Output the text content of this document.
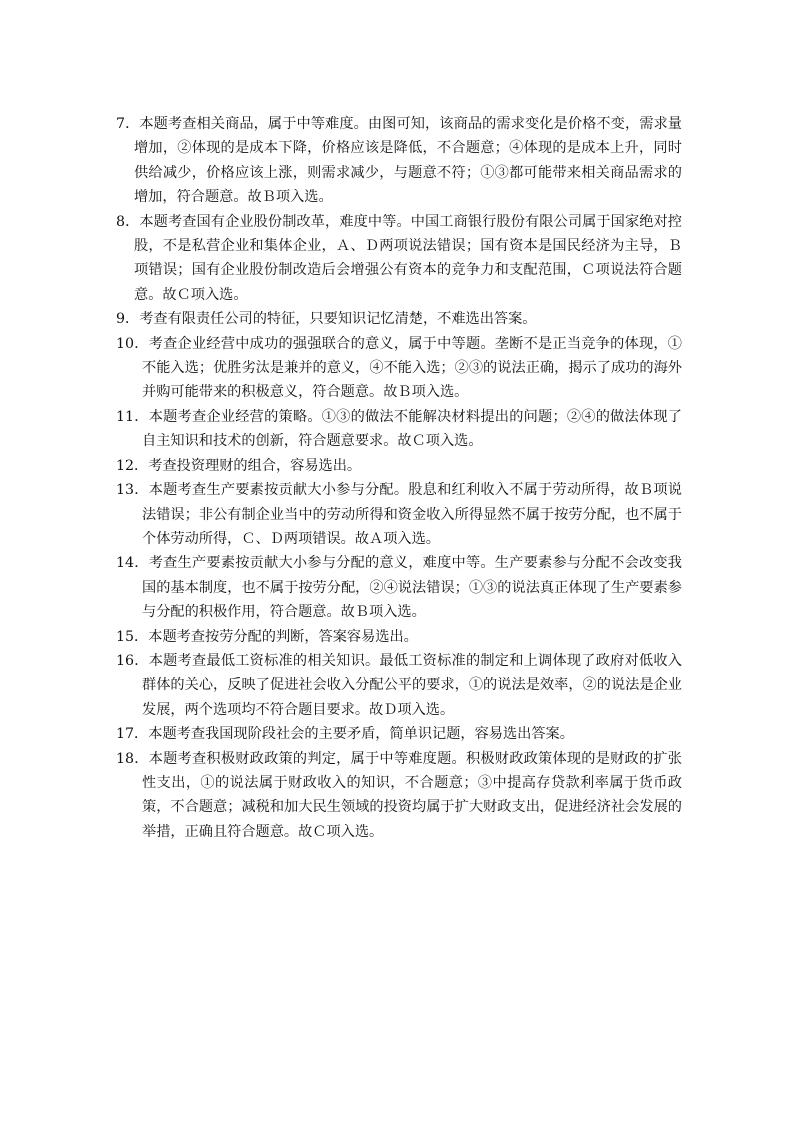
7．本题考查相关商品，属于中等难度。由图可知，该商品的需求变化是价格不变，需求量增加，②体现的是成本下降，价格应该是降低，不合题意；④体现的是成本上升，同时供给减少，价格应该上涨，则需求减少，与题意不符；①③都可能带来相关商品需求的增加，符合题意。故Ｂ项入选。

8．本题考查国有企业股份制改革，难度中等。中国工商银行股份有限公司属于国家绝对控股，不是私营企业和集体企业，Ａ、Ｄ两项说法错误；国有资本是国民经济为主导，Ｂ项错误；国有企业股份制改造后会增强公有资本的竞争力和支配范围，Ｃ项说法符合题意。故Ｃ项入选。

9．考查有限责任公司的特征，只要知识记忆清楚，不难选出答案。

10．考查企业经营中成功的强强联合的意义，属于中等题。垄断不是正当竞争的体现，①不能入选；优胜劣汰是兼并的意义，④不能入选；②③的说法正确，揭示了成功的海外并购可能带来的积极意义，符合题意。故Ｂ项入选。

11．本题考查企业经营的策略。①③的做法不能解决材料提出的问题；②④的做法体现了自主知识和技术的创新，符合题意要求。故Ｃ项入选。

12．考查投资理财的组合，容易选出。

13．本题考查生产要素按贡献大小参与分配。股息和红利收入不属于劳动所得，故Ｂ项说法错误；非公有制企业当中的劳动所得和资金收入所得显然不属于按劳分配，也不属于个体劳动所得，Ｃ、Ｄ两项错误。故Ａ项入选。

14．考查生产要素按贡献大小参与分配的意义，难度中等。生产要素参与分配不会改变我国的基本制度，也不属于按劳分配，②④说法错误；①③的说法真正体现了生产要素参与分配的积极作用，符合题意。故Ｂ项入选。

15．本题考查按劳分配的判断，答案容易选出。

16．本题考查最低工资标准的相关知识。最低工资标准的制定和上调体现了政府对低收入群体的关心，反映了促进社会收入分配公平的要求，①的说法是效率，②的说法是企业发展，两个选项均不符合题目要求。故Ｄ项入选。

17．本题考查我国现阶段社会的主要矛盾，简单识记题，容易选出答案。

18．本题考查积极财政政策的判定，属于中等难度题。积极财政政策体现的是财政的扩张性支出，①的说法属于财政收入的知识，不合题意；③中提高存贷款利率属于货币政策，不合题意；减税和加大民生领域的投资均属于扩大财政支出，促进经济社会发展的举措，正确且符合题意。故Ｃ项入选。
